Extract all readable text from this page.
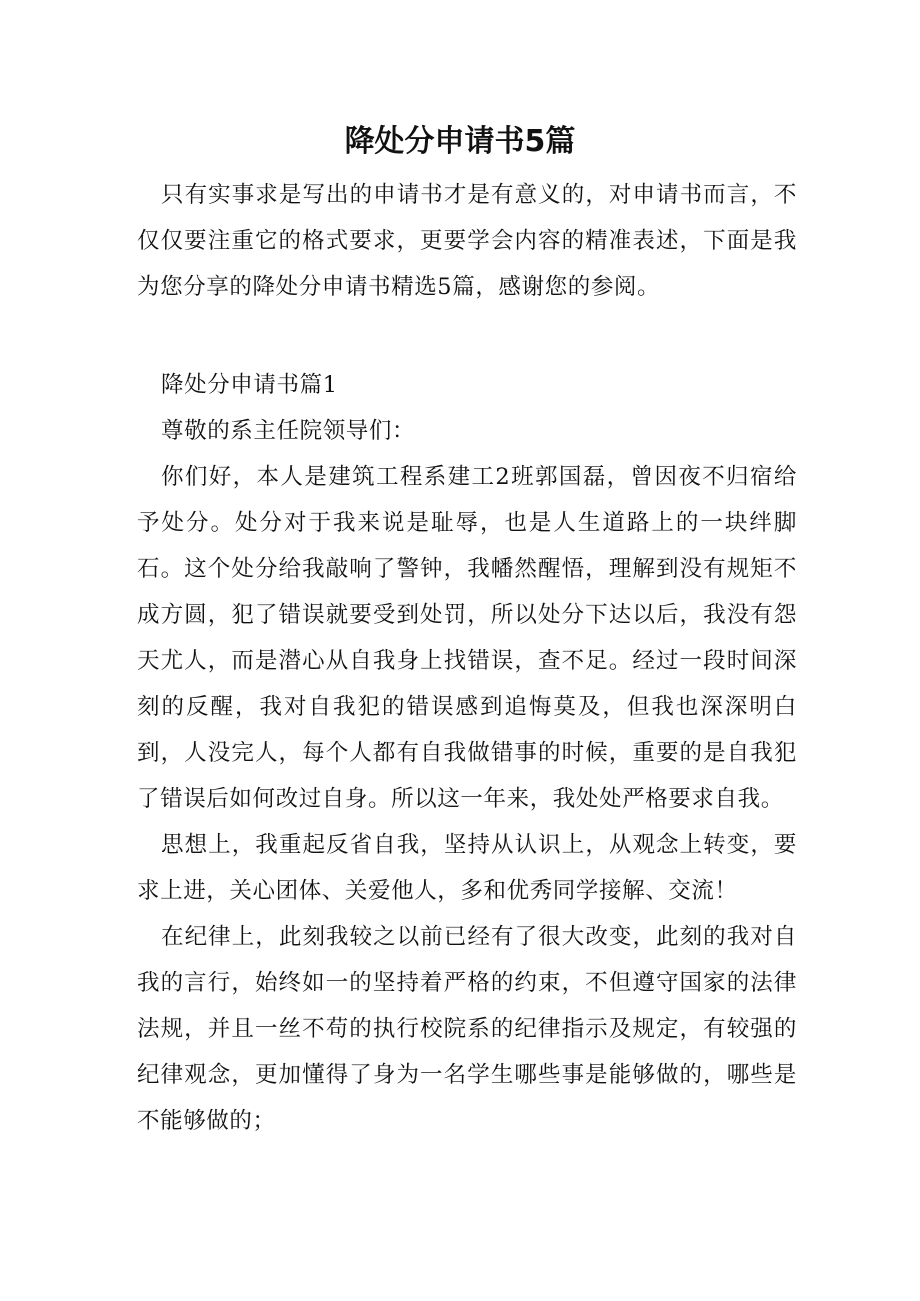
降处分申请书5篇

只有实事求是写出的申请书才是有意义的，对申请书而言，不仅仅要注重它的格式要求，更要学会内容的精准表述，下面是我为您分享的降处分申请书精选5篇，感谢您的参阅。

降处分申请书篇1

尊敬的系主任院领导们：

你们好，本人是建筑工程系建工2班郭国磊，曾因夜不归宿给予处分。处分对于我来说是耻辱，也是人生道路上的一块绊脚石。这个处分给我敲响了警钟，我幡然醒悟，理解到没有规矩不成方圆，犯了错误就要受到处罚，所以处分下达以后，我没有怨天尤人，而是潜心从自我身上找错误，查不足。经过一段时间深刻的反醒，我对自我犯的错误感到追悔莫及，但我也深深明白到，人没完人，每个人都有自我做错事的时候，重要的是自我犯了错误后如何改过自身。所以这一年来，我处处严格要求自我。

思想上，我重起反省自我，坚持从认识上，从观念上转变，要求上进，关心团体、关爱他人，多和优秀同学接解、交流！

在纪律上，此刻我较之以前已经有了很大改变，此刻的我对自我的言行，始终如一的坚持着严格的约束，不但遵守国家的法律法规，并且一丝不苟的执行校院系的纪律指示及规定，有较强的纪律观念，更加懂得了身为一名学生哪些事是能够做的，哪些是不能够做的；
